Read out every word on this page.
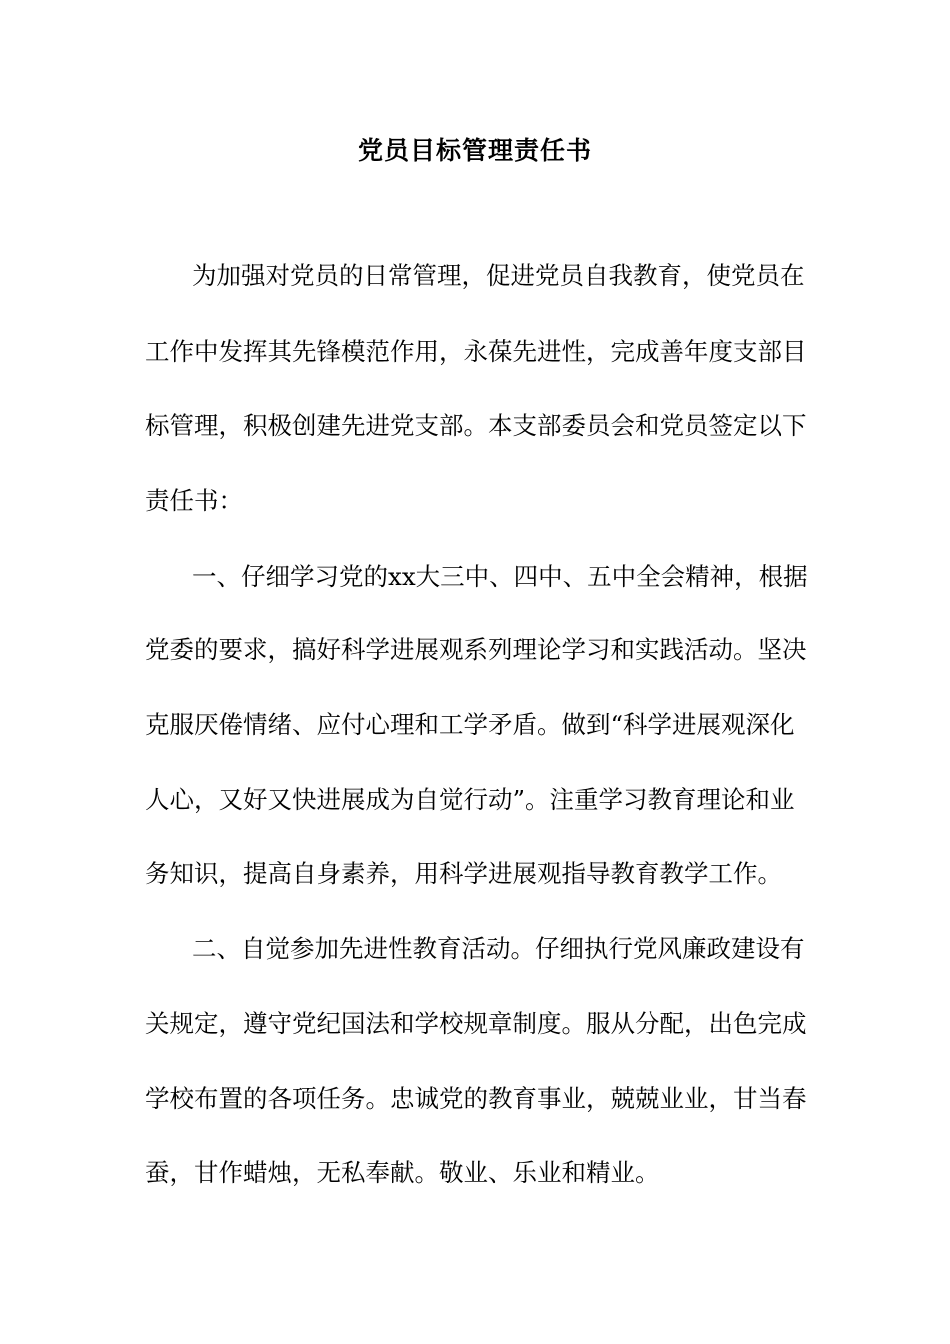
党员目标管理责任书

为加强对党员的日常管理，促进党员自我教育，使党员在

工作中发挥其先锋模范作用，永葆先进性，完成善年度支部目

标管理，积极创建先进党支部。本支部委员会和党员签定以下

责任书：

一、仔细学习党的xx大三中、四中、五中全会精神，根据

党委的要求，搞好科学进展观系列理论学习和实践活动。坚决

克服厌倦情绪、应付心理和工学矛盾。做到“科学进展观深化

人心，又好又快进展成为自觉行动”。注重学习教育理论和业

务知识，提高自身素养，用科学进展观指导教育教学工作。

二、自觉参加先进性教育活动。仔细执行党风廉政建设有

关规定，遵守党纪国法和学校规章制度。服从分配，出色完成

学校布置的各项任务。忠诚党的教育事业，兢兢业业，甘当春

蚕，甘作蜡烛，无私奉献。敬业、乐业和精业。
